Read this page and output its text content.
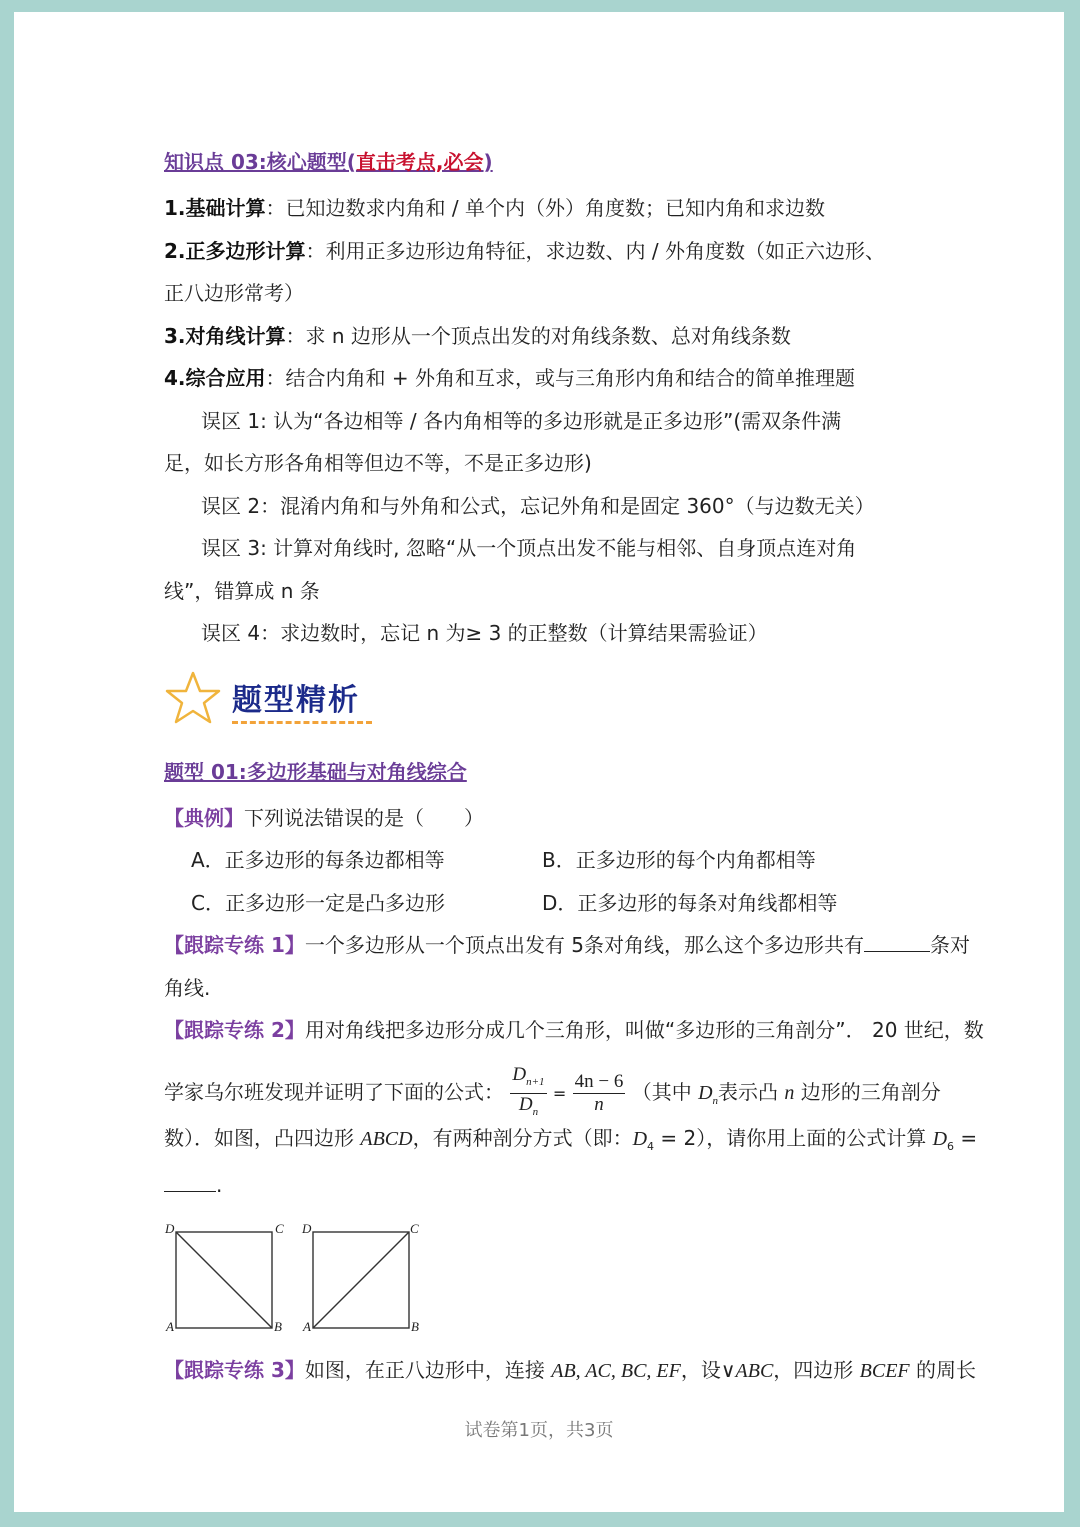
知识点 03:核心题型(直击考点,必会)
1.基础计算：已知边数求内角和 / 单个内（外）角度数；已知内角和求边数
2.正多边形计算：利用正多边形边角特征，求边数、内 / 外角度数（如正六边形、
正八边形常考）
3.对角线计算：求 n 边形从一个顶点出发的对角线条数、总对角线条数
4.综合应用：结合内角和 + 外角和互求，或与三角形内角和结合的简单推理题
误区 1: 认为“各边相等 / 各内角相等的多边形就是正多边形”(需双条件满
足，如长方形各角相等但边不等，不是正多边形)
误区 2：混淆内角和与外角和公式，忘记外角和是固定 360°（与边数无关）
误区 3: 计算对角线时, 忽略“从一个顶点出发不能与相邻、自身顶点连对角
线”，错算成 n 条
误区 4：求边数时，忘记 n 为≥ 3 的正整数（计算结果需验证）
题型精析
题型 01:多边形基础与对角线综合
【典例】下列说法错误的是（　　）
A．正多边形的每条边都相等	B．正多边形的每个内角都相等
C．正多边形一定是凸多边形	D．正多边形的每条对角线都相等
【跟踪专练 1】一个多边形从一个顶点出发有 5条对角线，那么这个多边形共有	条对
角线.
【跟踪专练 2】用对角线把多边形分成几个三角形，叫做“多边形的三角剖分”． 20 世纪，数
学家乌尔班发现并证明了下面的公式： $\frac{D_{n+1}}{D_n} = \frac{4n - 6}{n}$ （其中 $D_n$表示凸 n 边形的三角剖分
数）．如图，凸四边形 ABCD，有两种剖分方式（即：$D_4 = 2$），请你用上面的公式计算 $D_6$ =
.
D	C
A	B
D	C
A	B
【跟踪专练 3】如图，在正八边形中，连接 AB, AC, BC, EF，设∨ABC，四边形 BCEF 的周长
试卷第1页，共3页
